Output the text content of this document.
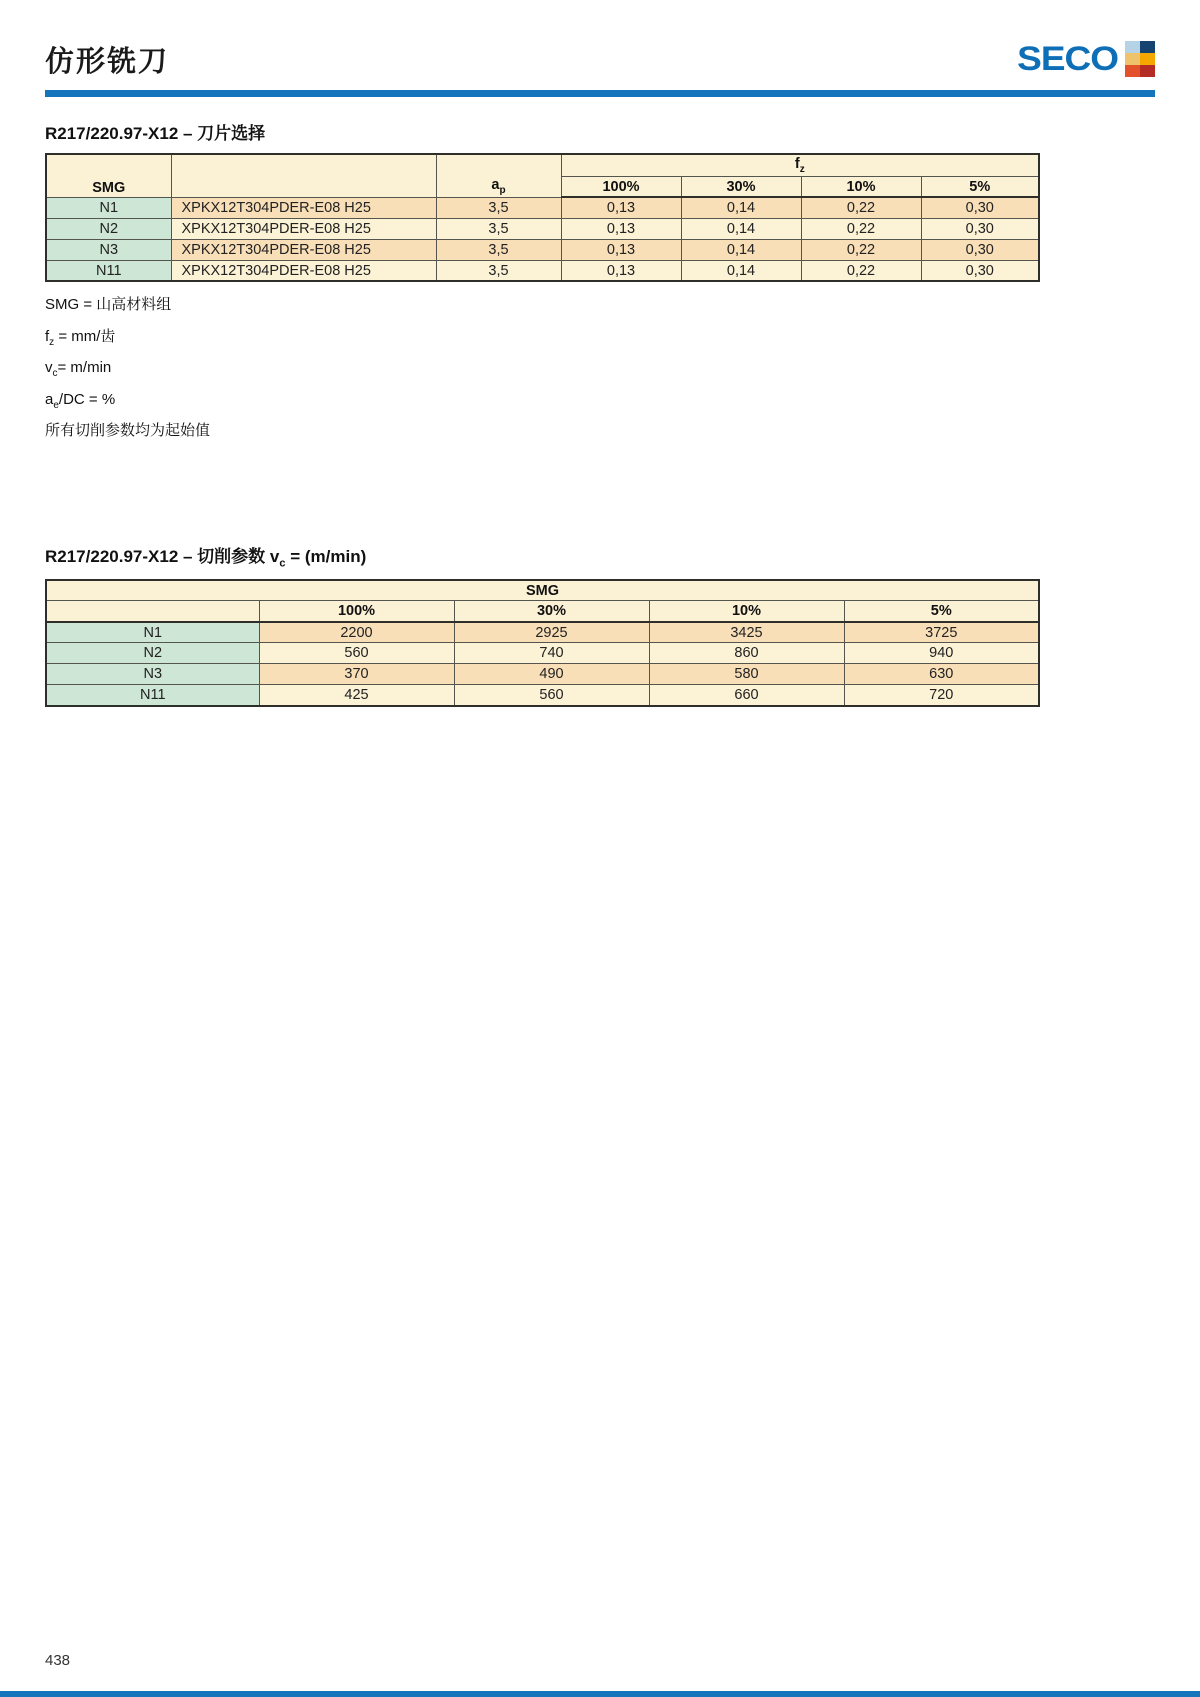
仿形铣刀	SECO
R217/220.97-X12 – 刀片选择
SMG		$a_p$	$f_z$
			100%	30%	10%	5%
N1	XPKX12T304PDER-E08 H25	3,5	0,13	0,14	0,22	0,30
N2	XPKX12T304PDER-E08 H25	3,5	0,13	0,14	0,22	0,30
N3	XPKX12T304PDER-E08 H25	3,5	0,13	0,14	0,22	0,30
N11	XPKX12T304PDER-E08 H25	3,5	0,13	0,14	0,22	0,30
SMG = 山高材料组
$f_z = mm/$齿
$v_c= m/\min$
$a_e/DC$ = %
所有切削参数均为起始值
R217/220.97-X12 – 切削参数 $v_c = (m/\min)$
SMG				
	100%	30%	10%	5%
N1	2200	2925	3425	3725
N2	560	740	860	940
N3	370	490	580	630
N11	425	560	660	720
438
